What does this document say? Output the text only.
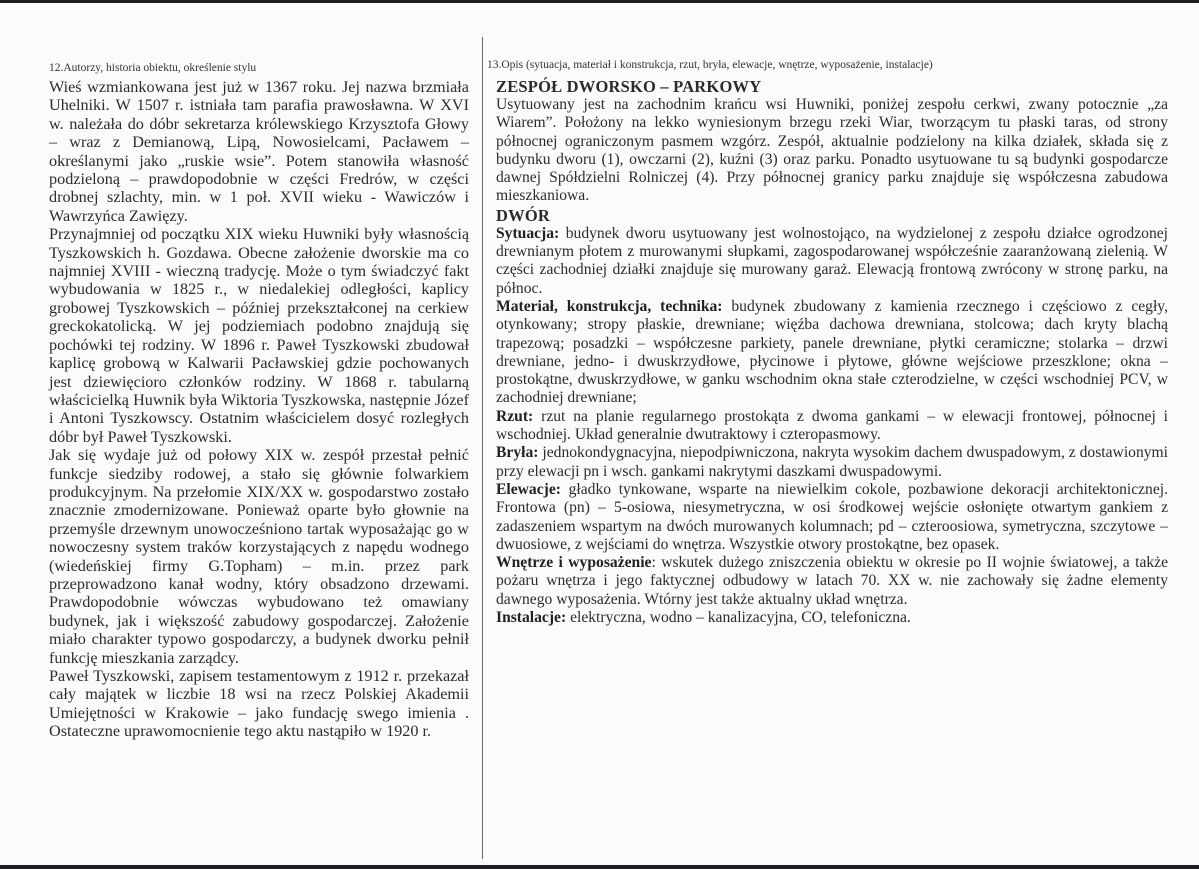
12.Autorzy, historia obiektu, określenie stylu

Wieś wzmiankowana jest już w 1367 roku. Jej nazwa brzmiała Uhelniki. W 1507 r. istniała tam parafia prawosławna. W XVI w. należała do dóbr sekretarza królewskiego Krzysztofa Głowy – wraz z Demianową, Lipą, Nowosielcami, Pacławem – określanymi jako „ruskie wsie”. Potem stanowiła własność podzieloną – prawdopodobnie w części Fredrów, w części drobnej szlachty, min. w 1 poł. XVII wieku - Wawiczów i Wawrzyńca Zawięzy.

Przynajmniej od początku XIX wieku Huwniki były własnością Tyszkowskich h. Gozdawa. Obecne założenie dworskie ma co najmniej XVIII - wieczną tradycję. Może o tym świadczyć fakt wybudowania w 1825 r., w niedalekiej odległości, kaplicy grobowej Tyszkowskich – później przekształconej na cerkiew greckokatolicką. W jej podziemiach podobno znajdują się pochówki tej rodziny. W 1896 r. Paweł Tyszkowski zbudował kaplicę grobową w Kalwarii Pacławskiej gdzie pochowanych jest dziewięcioro członków rodziny. W 1868 r. tabularną właścicielką Huwnik była Wiktoria Tyszkowska, następnie Józef i Antoni Tyszkowscy. Ostatnim właścicielem dosyć rozległych dóbr był Paweł Tyszkowski.

Jak się wydaje już od połowy XIX w. zespół przestał pełnić funkcje siedziby rodowej, a stało się głównie folwarkiem produkcyjnym. Na przełomie XIX/XX w. gospodarstwo zostało znacznie zmodernizowane. Ponieważ oparte było głownie na przemyśle drzewnym unowocześniono tartak wyposażając go w nowoczesny system traków korzystających z napędu wodnego (wiedeńskiej firmy G.Topham) – m.in. przez park przeprowadzono kanał wodny, który obsadzono drzewami. Prawdopodobnie wówczas wybudowano też omawiany budynek, jak i większość zabudowy gospodarczej. Założenie miało charakter typowo gospodarczy, a budynek dworku pełnił funkcję mieszkania zarządcy.

Paweł Tyszkowski, zapisem testamentowym z 1912 r. przekazał cały majątek w liczbie 18 wsi na rzecz Polskiej Akademii Umiejętności w Krakowie – jako fundację swego imienia . Ostateczne uprawomocnienie tego aktu nastąpiło w 1920 r.

13.Opis (sytuacja, materiał i konstrukcja, rzut, bryła, elewacje, wnętrze, wyposażenie, instalacje)
ZESPÓŁ DWORSKO – PARKOWY

Usytuowany jest na zachodnim krańcu wsi Huwniki, poniżej zespołu cerkwi, zwany potocznie „za Wiarem”. Położony na lekko wyniesionym brzegu rzeki Wiar, tworzącym tu płaski taras, od strony północnej ograniczonym pasmem wzgórz. Zespół, aktualnie podzielony na kilka działek, składa się z budynku dworu (1), owczarni (2), kuźni (3) oraz parku. Ponadto usytuowane tu są budynki gospodarcze dawnej Spółdzielni Rolniczej (4). Przy północnej granicy parku znajduje się współczesna zabudowa mieszkaniowa.

DWÓR

Sytuacja: budynek dworu usytuowany jest wolnostojąco, na wydzielonej z zespołu działce ogrodzonej drewnianym płotem z murowanymi słupkami, zagospodarowanej współcześnie zaaranżowaną zielenią. W części zachodniej działki znajduje się murowany garaż. Elewacją frontową zwrócony w stronę parku, na północ.

Materiał, konstrukcja, technika: budynek zbudowany z kamienia rzecznego i częściowo z cegły, otynkowany; stropy płaskie, drewniane; więźba dachowa drewniana, stolcowa; dach kryty blachą trapezową; posadzki – współczesne parkiety, panele drewniane, płytki ceramiczne; stolarka – drzwi drewniane, jedno- i dwuskrzydłowe, płycinowe i płytowe, główne wejściowe przeszklone; okna – prostokątne, dwuskrzydłowe, w ganku wschodnim okna stałe czterodzielne, w części wschodniej PCV, w zachodniej drewniane;

Rzut: rzut na planie regularnego prostokąta z dwoma gankami – w elewacji frontowej, północnej i wschodniej. Układ generalnie dwutraktowy i czteropasmowy.

Bryła: jednokondygnacyjna, niepodpiwniczona, nakryta wysokim dachem dwuspadowym, z dostawionymi przy elewacji pn i wsch. gankami nakrytymi daszkami dwuspadowymi.

Elewacje: gładko tynkowane, wsparte na niewielkim cokole, pozbawione dekoracji architektonicznej. Frontowa (pn) – 5-osiowa, niesymetryczna, w osi środkowej wejście osłonięte otwartym gankiem z zadaszeniem wspartym na dwóch murowanych kolumnach; pd – czteroosiowa, symetryczna, szczytowe – dwuosiowe, z wejściami do wnętrza. Wszystkie otwory prostokątne, bez opasek.

Wnętrze i wyposażenie: wskutek dużego zniszczenia obiektu w okresie po II wojnie światowej, a także pożaru wnętrza i jego faktycznej odbudowy w latach 70. XX w. nie zachowały się żadne elementy dawnego wyposażenia. Wtórny jest także aktualny układ wnętrza.

Instalacje: elektryczna, wodno – kanalizacyjna, CO, telefoniczna.
